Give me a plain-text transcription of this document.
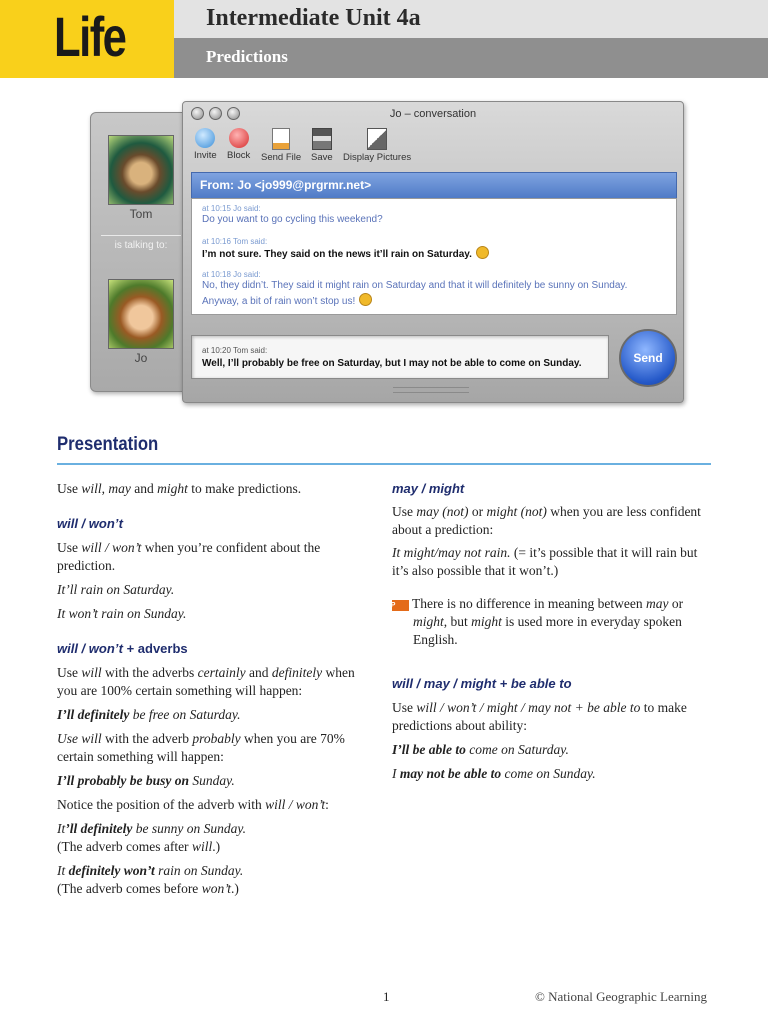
Life	Intermediate Unit 4a
Predictions
Tom
is talking to:
Jo
Jo – conversation
Invite Block Send File Save Display Pictures
From: Jo <jo999@prgrmr.net>
at 10:15 Jo said:
Do you want to go cycling this weekend?
at 10:16 Tom said:
I’m not sure. They said on the news it’ll rain on Saturday.
at 10:18 Jo said:
No, they didn’t. They said it might rain on Saturday and that it will definitely be sunny on Sunday.
Anyway, a bit of rain won’t stop us!
at 10:20 Tom said:
Well, I’ll probably be free on Saturday, but I may not be able to come on Sunday.	Send
Presentation

Use will, may and might to make predictions.

will / won’t

Use will / won’t when you’re confident about the prediction.

It’ll rain on Saturday.

It won’t rain on Sunday.

will / won’t + adverbs

Use will with the adverbs certainly and definitely when you are 100% certain something will happen:

I’ll definitely be free on Saturday.

Use will with the adverb probably when you are 70% certain something will happen:

I’ll probably be busy on Sunday.

Notice the position of the adverb with will / won’t:

It’ll definitely be sunny on Sunday.

(The adverb comes after will.)

It definitely won’t rain on Sunday.

(The adverb comes before won’t.)

may / might

Use may (not) or might (not) when you are less confident about a prediction:

It might/may not rain. (= it’s possible that it will rain but it’s also possible that it won’t.)

TIP There is no difference in meaning between may or might, but might is used more in everyday spoken English.

will / may / might + be able to

Use will / won’t / might / may not + be able to to make predictions about ability:

I’ll be able to come on Saturday.

I may not be able to come on Sunday.

1	© National Geographic Learning
